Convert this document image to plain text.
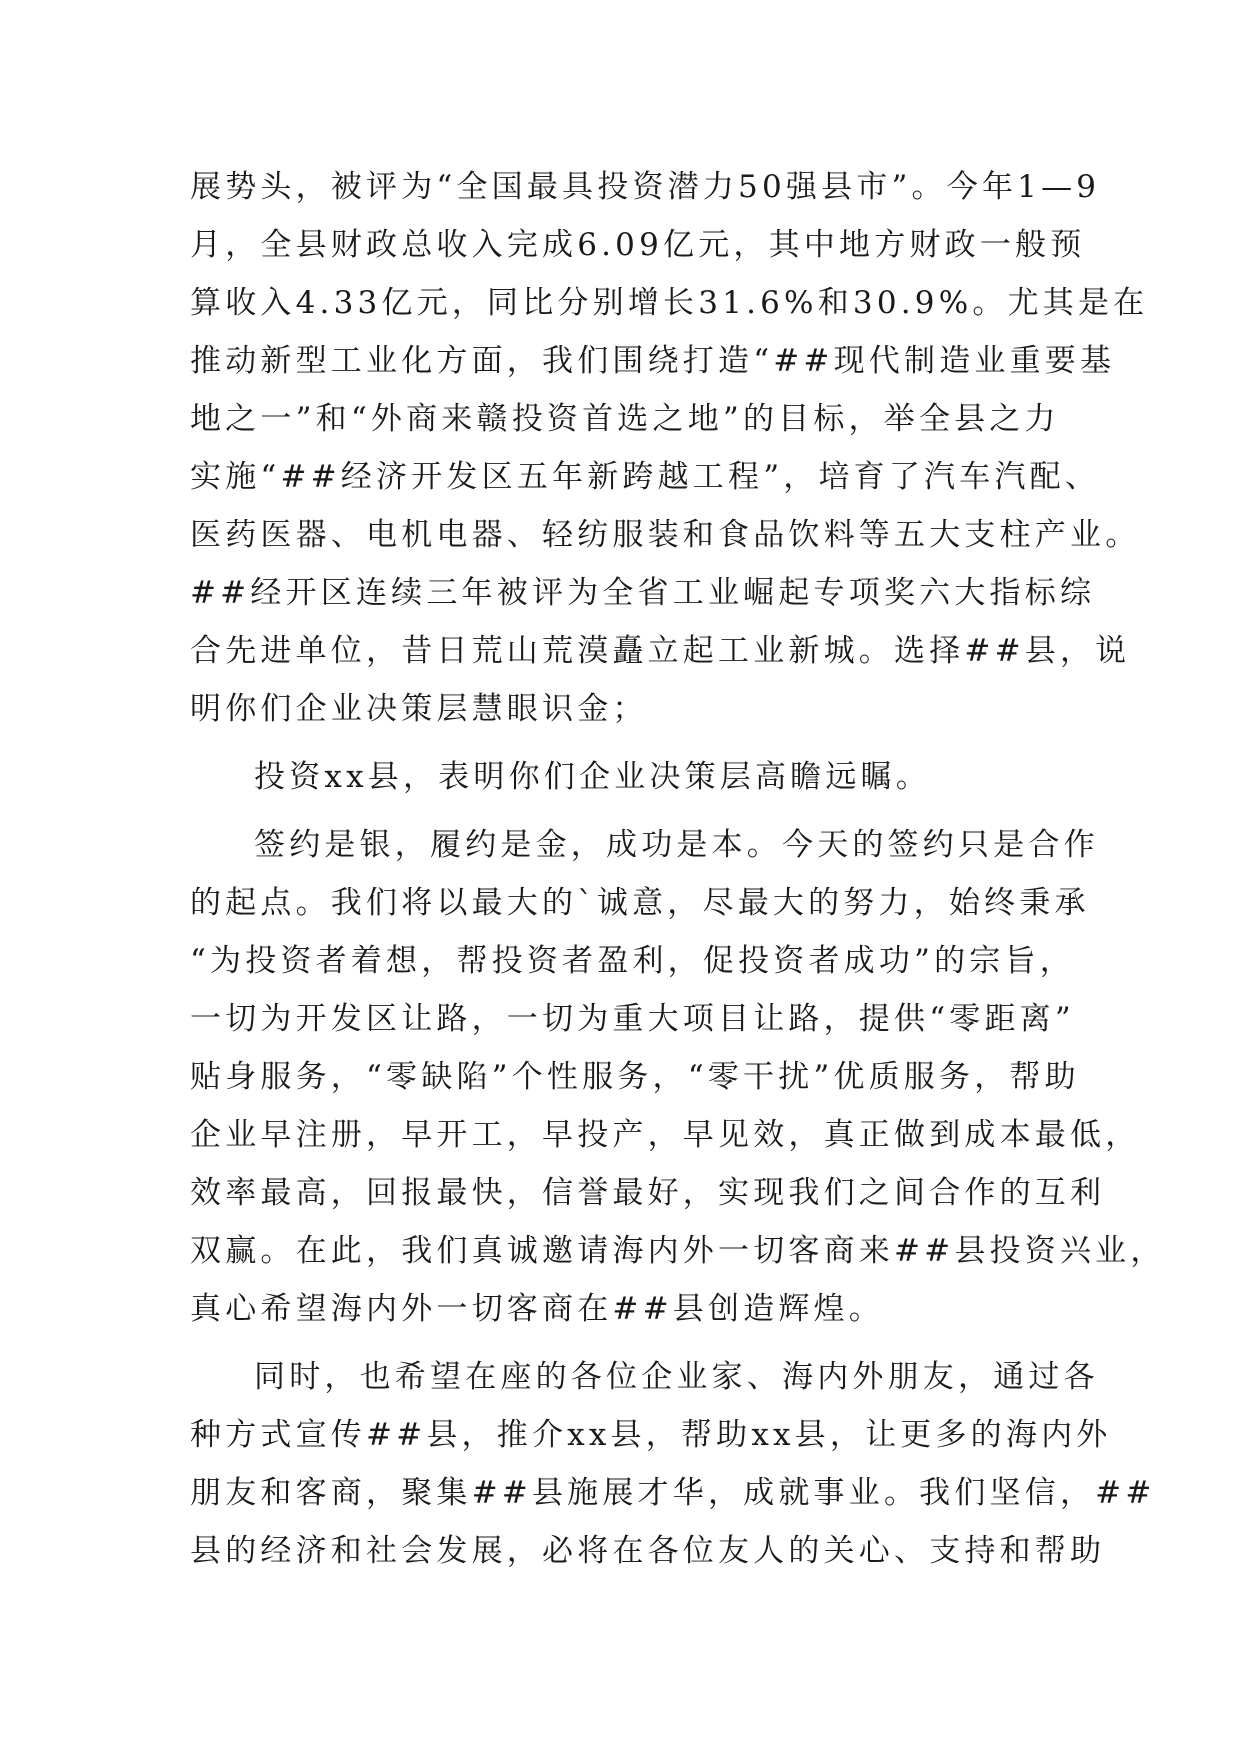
展势头，被评为“全国最具投资潜力50强县市”。今年1—9
月，全县财政总收入完成6.09亿元，其中地方财政一般预
算收入4.33亿元，同比分别增长31.6%和30.9%。尤其是在
推动新型工业化方面，我们围绕打造“##现代制造业重要基
地之一”和“外商来赣投资首选之地”的目标，举全县之力
实施“##经济开发区五年新跨越工程”，培育了汽车汽配、
医药医器、电机电器、轻纺服装和食品饮料等五大支柱产业。
##经开区连续三年被评为全省工业崛起专项奖六大指标综
合先进单位，昔日荒山荒漠矗立起工业新城。选择##县，说
明你们企业决策层慧眼识金；
投资xx县，表明你们企业决策层高瞻远瞩。
签约是银，履约是金，成功是本。今天的签约只是合作
的起点。我们将以最大的`诚意，尽最大的努力，始终秉承
“为投资者着想，帮投资者盈利，促投资者成功”的宗旨，
一切为开发区让路，一切为重大项目让路，提供“零距离”
贴身服务，“零缺陷”个性服务，“零干扰”优质服务，帮助
企业早注册，早开工，早投产，早见效，真正做到成本最低，
效率最高，回报最快，信誉最好，实现我们之间合作的互利
双赢。在此，我们真诚邀请海内外一切客商来##县投资兴业，
真心希望海内外一切客商在##县创造辉煌。
同时，也希望在座的各位企业家、海内外朋友，通过各
种方式宣传##县，推介xx县，帮助xx县，让更多的海内外
朋友和客商，聚集##县施展才华，成就事业。我们坚信，##
县的经济和社会发展，必将在各位友人的关心、支持和帮助
